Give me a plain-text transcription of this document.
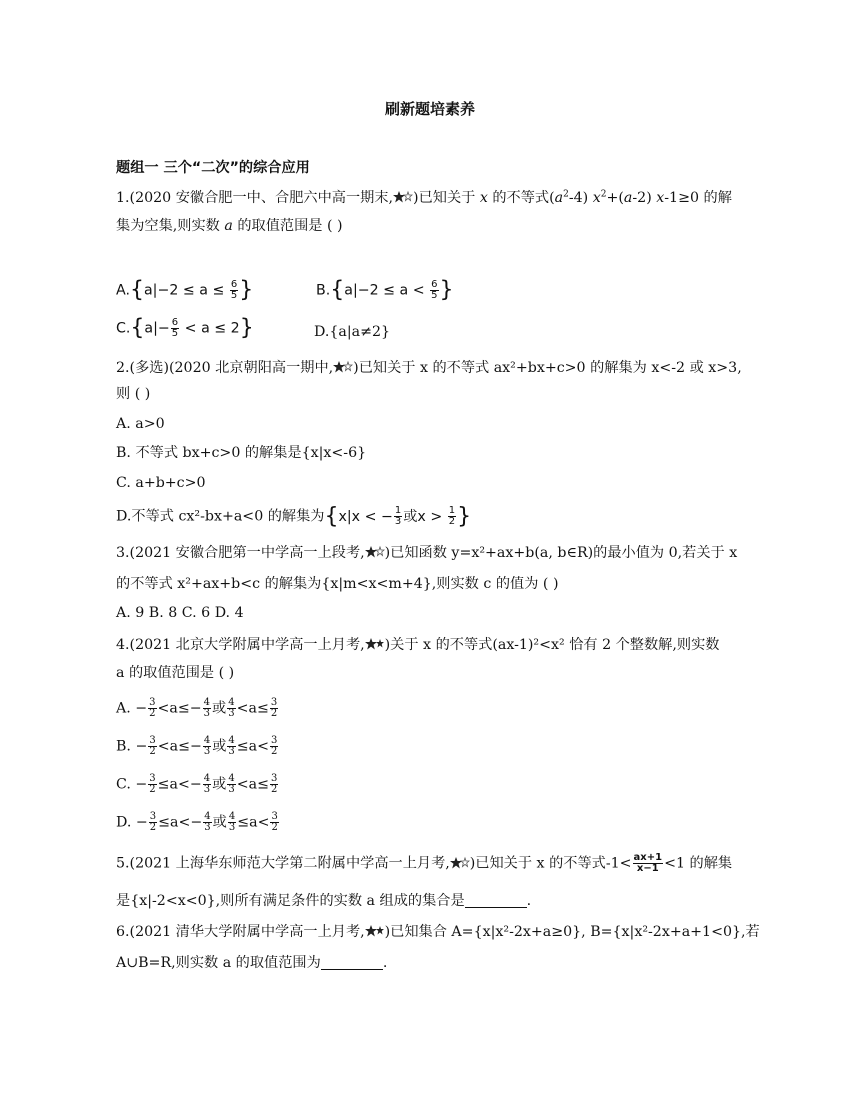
刷新题培素养
题组一 三个“二次”的综合应用
1.(2020 安徽合肥一中、合肥六中高一期末, )已知关于 x 的不等式$(a^2-4)$ $x^2+(a-2)$ x-1≥0 的解
集为空集,则实数 a 的取值范围是 ( )
$A.\{a|-2 \le a \le \frac{6}{5}$ }	$B.\{a|-2 \le a < \frac{6}{5}$ }
$C.\{a|- \frac{6}{5} < a \le 2\}$	D.{a|a≠2}
2.(多选)(2020 北京朝阳高一期中, )已知关于 x 的不等式 ax²+bx+c>0 的解集为 x<-2 或 x>3,
则 ( )
A. a>0
B. 不等式 bx+c>0 的解集是{x|x<-6}
C. a+b+c>0
D.不等式 cx²-bx+a<0 的解集为{x|x < − $\frac{1}{3}$ 或$x > \frac{1}{2}$ }
3.(2021 安徽合肥第一中学高一上段考, )已知函数 y=x²+ax+b(a, b∈R)的最小值为 0,若关于 x
的不等式 x²+ax+b<c 的解集为{x|m<x<m+4},则实数 c 的值为 ( )
A. 9 B. 8 C. 6 D. 4
4.(2021 北京大学附属中学高一上月考, )关于 x 的不等式(ax-1)²<x² 恰有 2 个整数解,则实数
a 的取值范围是 ( )
A. − $\frac{3}{2} <a\le- \frac{4}{3}$ 或 $\frac{4}{3} <a\le \frac{3}{2}$
B. − $\frac{3}{2} <a\le- \frac{4}{3}$ 或 $\frac{4}{3} \le a< \frac{3}{2}$
C. − $\frac{3}{2} \le a<- \frac{4}{3}$ 或 $\frac{4}{3} <a\le \frac{3}{2}$
D. − $\frac{3}{2} \le a<- \frac{4}{3}$ 或 $\frac{4}{3} \le a< \frac{3}{2}$
5.(2021 上海华东师范大学第二附属中学高一上月考, )已知关于 x 的不等式$-1< \frac{ax+1}{x-1} <1$ 的解集
是{x|-2<x<0},则所有满足条件的实数 a 组成的集合是	.
6.(2021 清华大学附属中学高一上月考, )已知集合 A={x|x²-2x+a≥0}, B={x|x²-2x+a+1<0},若
A∪B=R,则实数 a 的取值范围为	.
